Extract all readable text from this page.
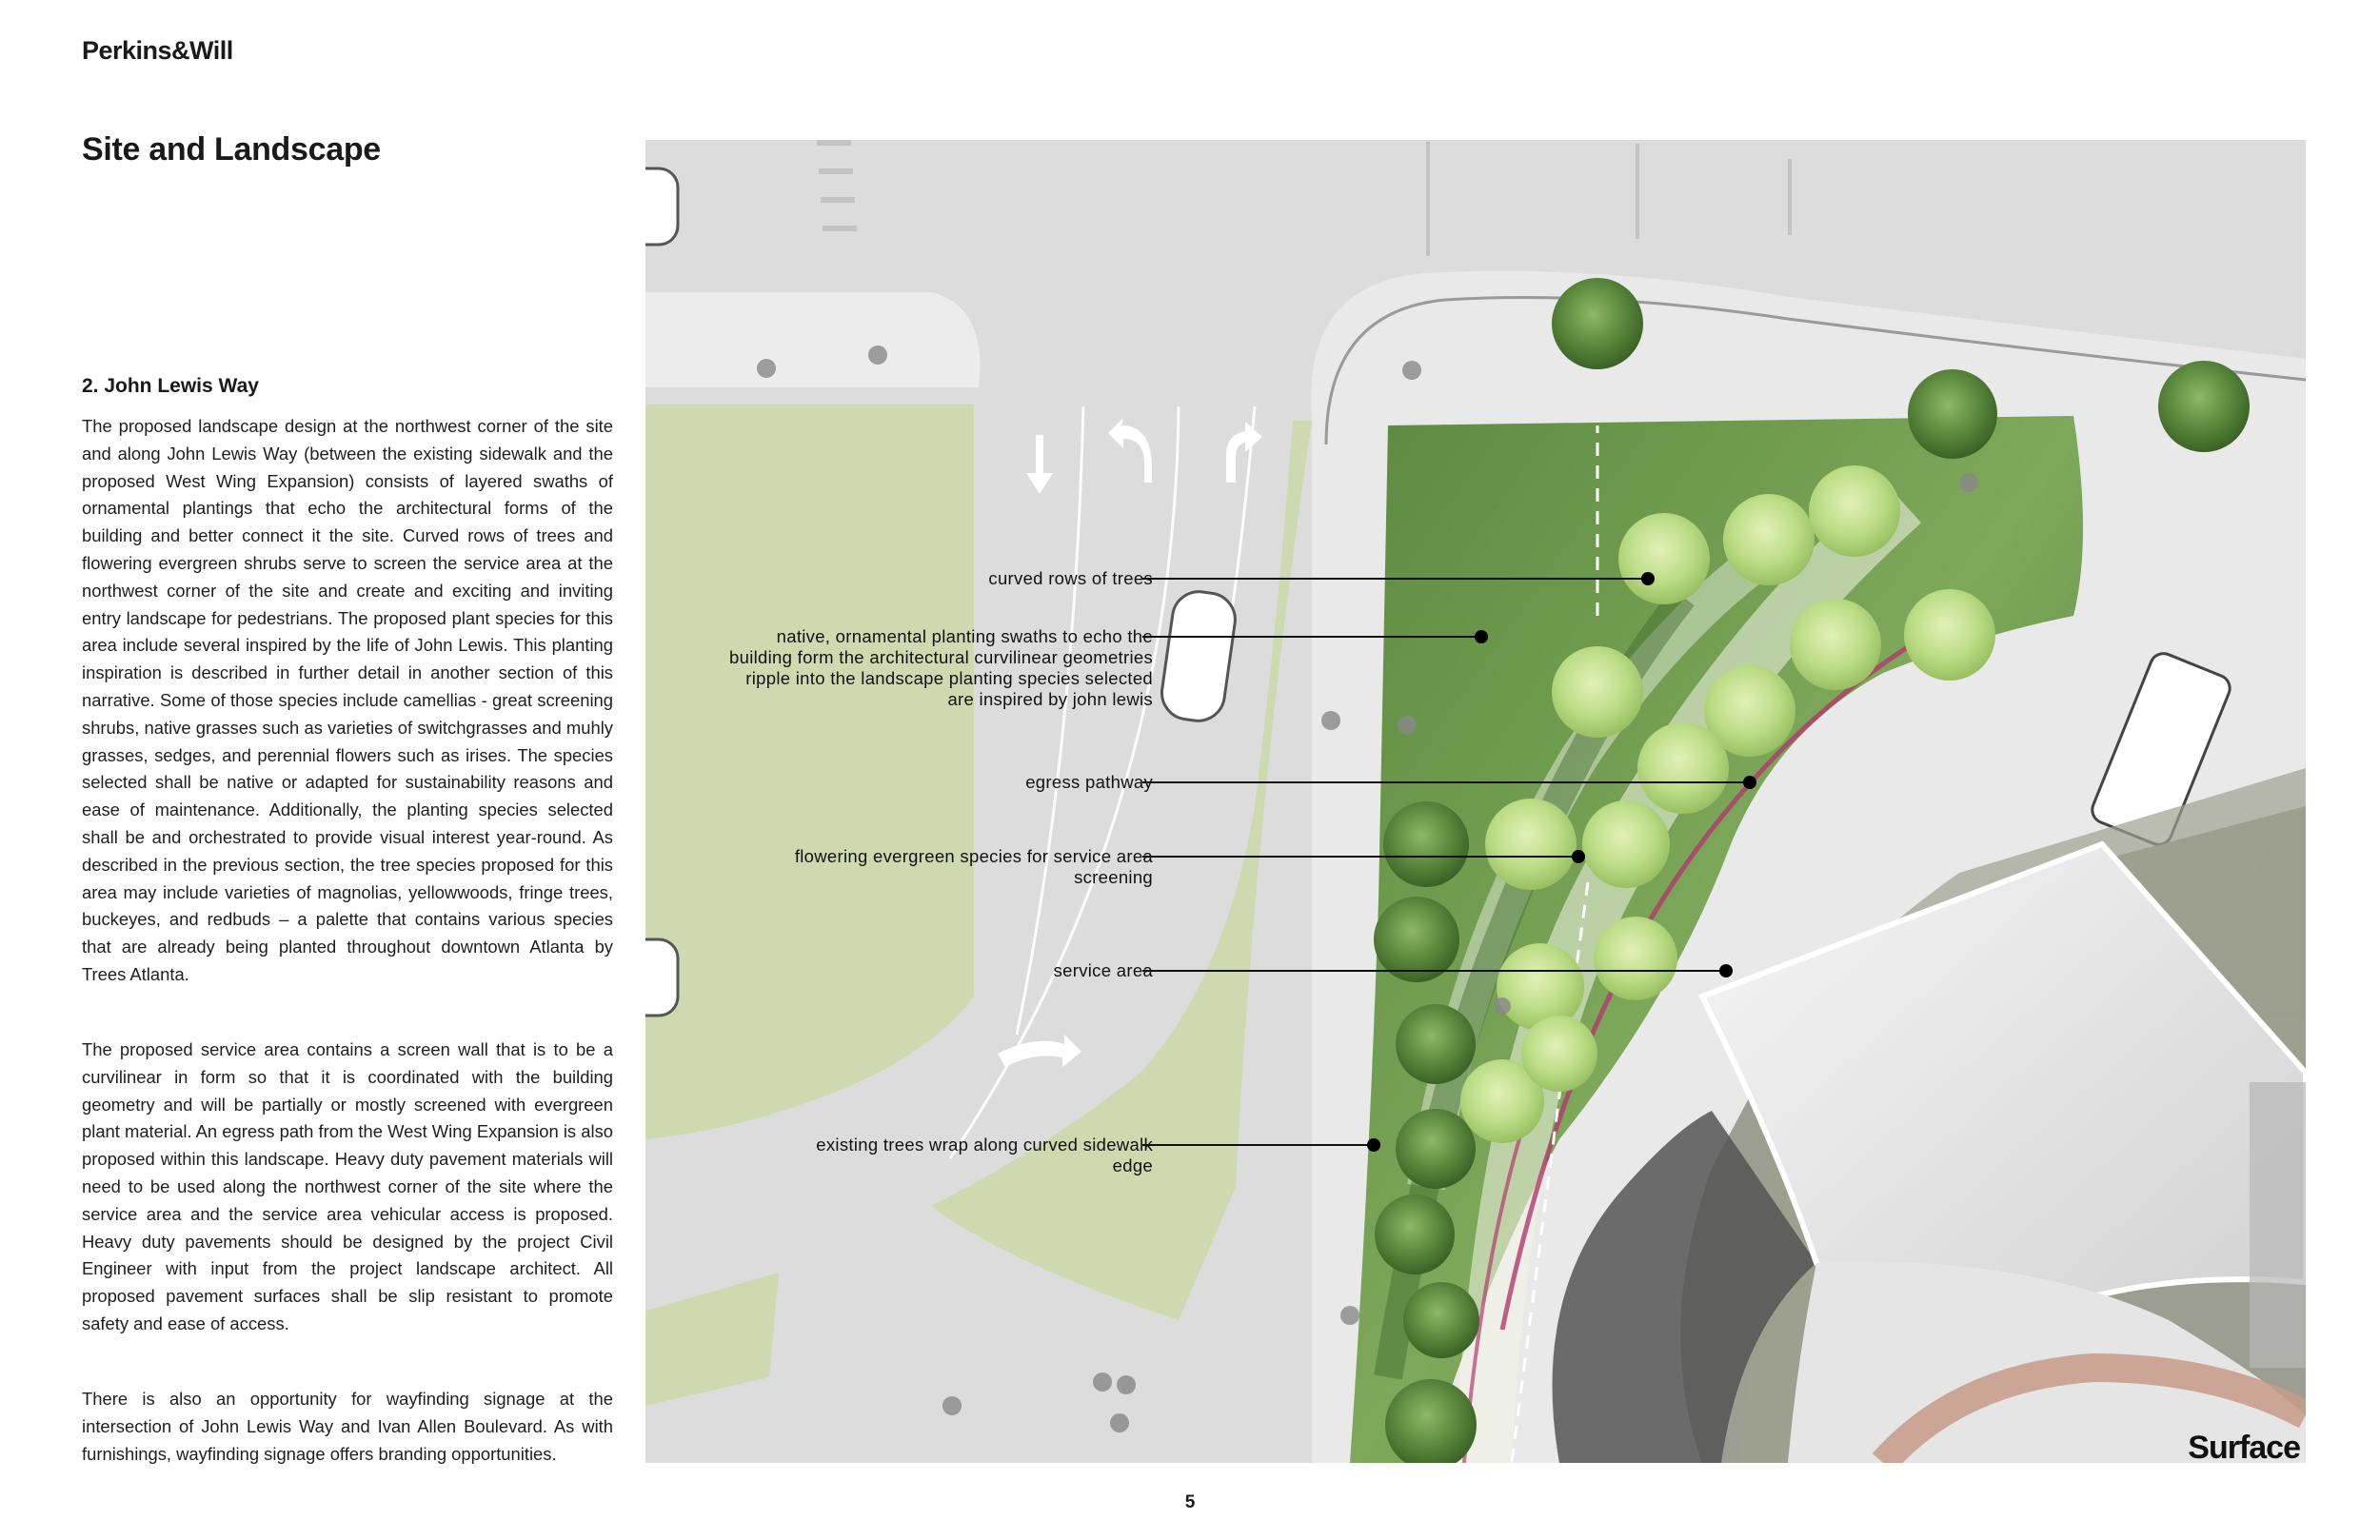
Perkins&Will
Site and Landscape
2. John Lewis Way

The proposed landscape design at the northwest corner of the site and along John Lewis Way (between the existing sidewalk and the proposed West Wing Expansion) consists of layered swaths of ornamental plantings that echo the architectural forms of the building and better connect it the site. Curved rows of trees and flowering evergreen shrubs serve to screen the service area at the northwest corner of the site and create and exciting and inviting entry landscape for pedestrians. The proposed plant species for this area include several inspired by the life of John Lewis. This planting inspiration is described in further detail in another section of this narrative. Some of those species include camellias - great screening shrubs, native grasses such as varieties of switchgrasses and muhly grasses, sedges, and perennial flowers such as irises. The species selected shall be native or adapted for sustainability reasons and ease of maintenance. Additionally, the planting species selected shall be and orchestrated to provide visual interest year-round. As described in the previous section, the tree species proposed for this area may include varieties of magnolias, yellowwoods, fringe trees, buckeyes, and redbuds – a palette that contains various species that are already being planted throughout downtown Atlanta by Trees Atlanta.

The proposed service area contains a screen wall that is to be a curvilinear in form so that it is coordinated with the building geometry and will be partially or mostly screened with evergreen plant material. An egress path from the West Wing Expansion is also proposed within this landscape. Heavy duty pavement materials will need to be used along the northwest corner of the site where the service area and the service area vehicular access is proposed. Heavy duty pavements should be designed by the project Civil Engineer with input from the project landscape architect. All proposed pavement surfaces shall be slip resistant to promote safety and ease of access.

There is also an opportunity for wayfinding signage at the intersection of John Lewis Way and Ivan Allen Boulevard. As with furnishings, wayfinding signage offers branding opportunities.

curved rows of trees
native, ornamental planting swaths to echo the building form the architectural curvilinear geometries ripple into the landscape planting species selected are inspired by john lewis
egress pathway
flowering evergreen species for service area screening
service area
existing trees wrap along curved sidewalk edge
Surface
5
